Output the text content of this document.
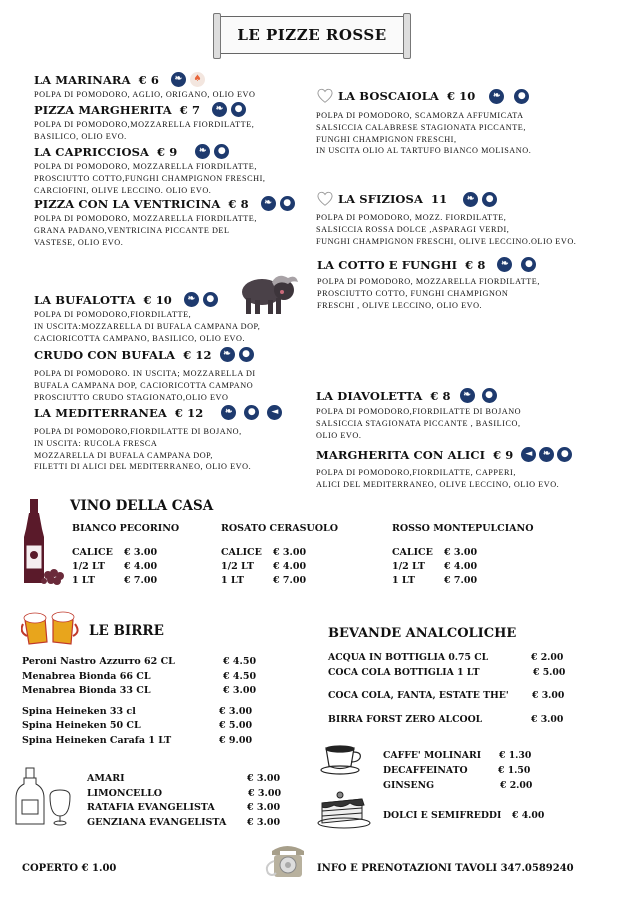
LE PIZZE ROSSE
LA MARINARA € 6	❧	♠
POLPA DI POMODORO, AGLIO, ORIGANO, OLIO EVO
PIZZA MARGHERITA € 7	❧	●
POLPA DI POMODORO,MOZZARELLA FIORDILATTE,
BASILICO, OLIO EVO.
LA CAPRICCIOSA € 9	❧	●
POLPA DI POMODORO, MOZZARELLA FIORDILATTE,
PROSCIUTTO COTTO,FUNGHI CHAMPIGNON FRESCHI,
CARCIOFINI, OLIVE LECCINO. OLIO EVO.
PIZZA CON LA VENTRICINA € 8	❧	●
POLPA DI POMODORO, MOZZARELLA FIORDILATTE,
GRANA PADANO,VENTRICINA PICCANTE DEL
VASTESE, OLIO EVO.
LA BUFALOTTA € 10	❧	●
POLPA DI POMODORO,FIORDILATTE,
IN USCITA:MOZZARELLA DI BUFALA CAMPANA DOP,
CACIORICOTTA CAMPANO, BASILICO, OLIO EVO.
CRUDO CON BUFALA € 12	❧	●
POLPA DI POMODORO. IN USCITA; MOZZARELLA DI
BUFALA CAMPANA DOP, CACIORICOTTA CAMPANO
PROSCIUTTO CRUDO STAGIONATO,OLIO EVO
LA MEDITERRANEA € 12	❧	●	◄
POLPA DI POMODORO,FIORDILATTE DI BOJANO,
IN USCITA: RUCOLA FRESCA
MOZZARELLA DI BUFALA CAMPANA DOP,
FILETTI DI ALICI DEL MEDITERRANEO, OLIO EVO.
LA BOSCAIOLA € 10	❧	●
POLPA DI POMODORO, SCAMORZA AFFUMICATA
SALSICCIA CALABRESE STAGIONATA PICCANTE,
FUNGHI CHAMPIGNON FRESCHI,
IN USCITA OLIO AL TARTUFO BIANCO MOLISANO.
LA SFIZIOSA 11	❧	●
POLPA DI POMODORO, MOZZ. FIORDILATTE,
SALSICCIA ROSSA DOLCE ,ASPARAGI VERDI,
FUNGHI CHAMPIGNON FRESCHI, OLIVE LECCINO.OLIO EVO.
LA COTTO E FUNGHI € 8	❧	●
POLPA DI POMODORO, MOZZARELLA FIORDILATTE,
PROSCIUTTO COTTO, FUNGHI CHAMPIGNON
FRESCHI , OLIVE LECCINO, OLIO EVO.
LA DIAVOLETTA € 8	❧	●
POLPA DI POMODORO,FIORDILATTE DI BOJANO
SALSICCIA STAGIONATA PICCANTE , BASILICO,
OLIO EVO.
MARGHERITA CON ALICI € 9	◄	❧	●
POLPA DI POMODORO,FIORDILATTE, CAPPERI,
ALICI DEL MEDITERRANEO, OLIVE LECCINO, OLIO EVO.
VINO DELLA CASA
BIANCO PECORINO
CALICE	€ 3.00
1/2 LT	€ 4.00
1 LT	€ 7.00
ROSATO CERASUOLO
CALICE	€ 3.00
1/2 LT	€ 4.00
1 LT	€ 7.00
ROSSO MONTEPULCIANO
CALICE	€ 3.00
1/2 LT	€ 4.00
1 LT	€ 7.00
LE BIRRE
Peroni Nastro Azzurro 62 CL	€ 4.50
Menabrea Bionda 66 CL	€ 4.50
Menabrea Bionda 33 CL	€ 3.00
Spina Heineken 33 cl	€ 3.00
Spina Heineken 50 CL	€ 5.00
Spina Heineken Carafa 1 LT	€ 9.00
AMARI	€ 3.00
LIMONCELLO	€ 3.00
RATAFIA EVANGELISTA	€ 3.00
GENZIANA EVANGELISTA € 3.00
BEVANDE ANALCOLICHE
ACQUA IN BOTTIGLIA 0.75 CL	€ 2.00
COCA COLA BOTTIGLIA 1 LT	€ 5.00
COCA COLA, FANTA, ESTATE THE'	€ 3.00
BIRRA FORST ZERO ALCOOL	€ 3.00
CAFFE' MOLINARI € 1.30
DECAFFEINATO	€ 1.50
GINSENG	€ 2.00
DOLCI E SEMIFREDDI € 4.00
COPERTO € 1.00	INFO E PRENOTAZIONI TAVOLI 347.0589240
